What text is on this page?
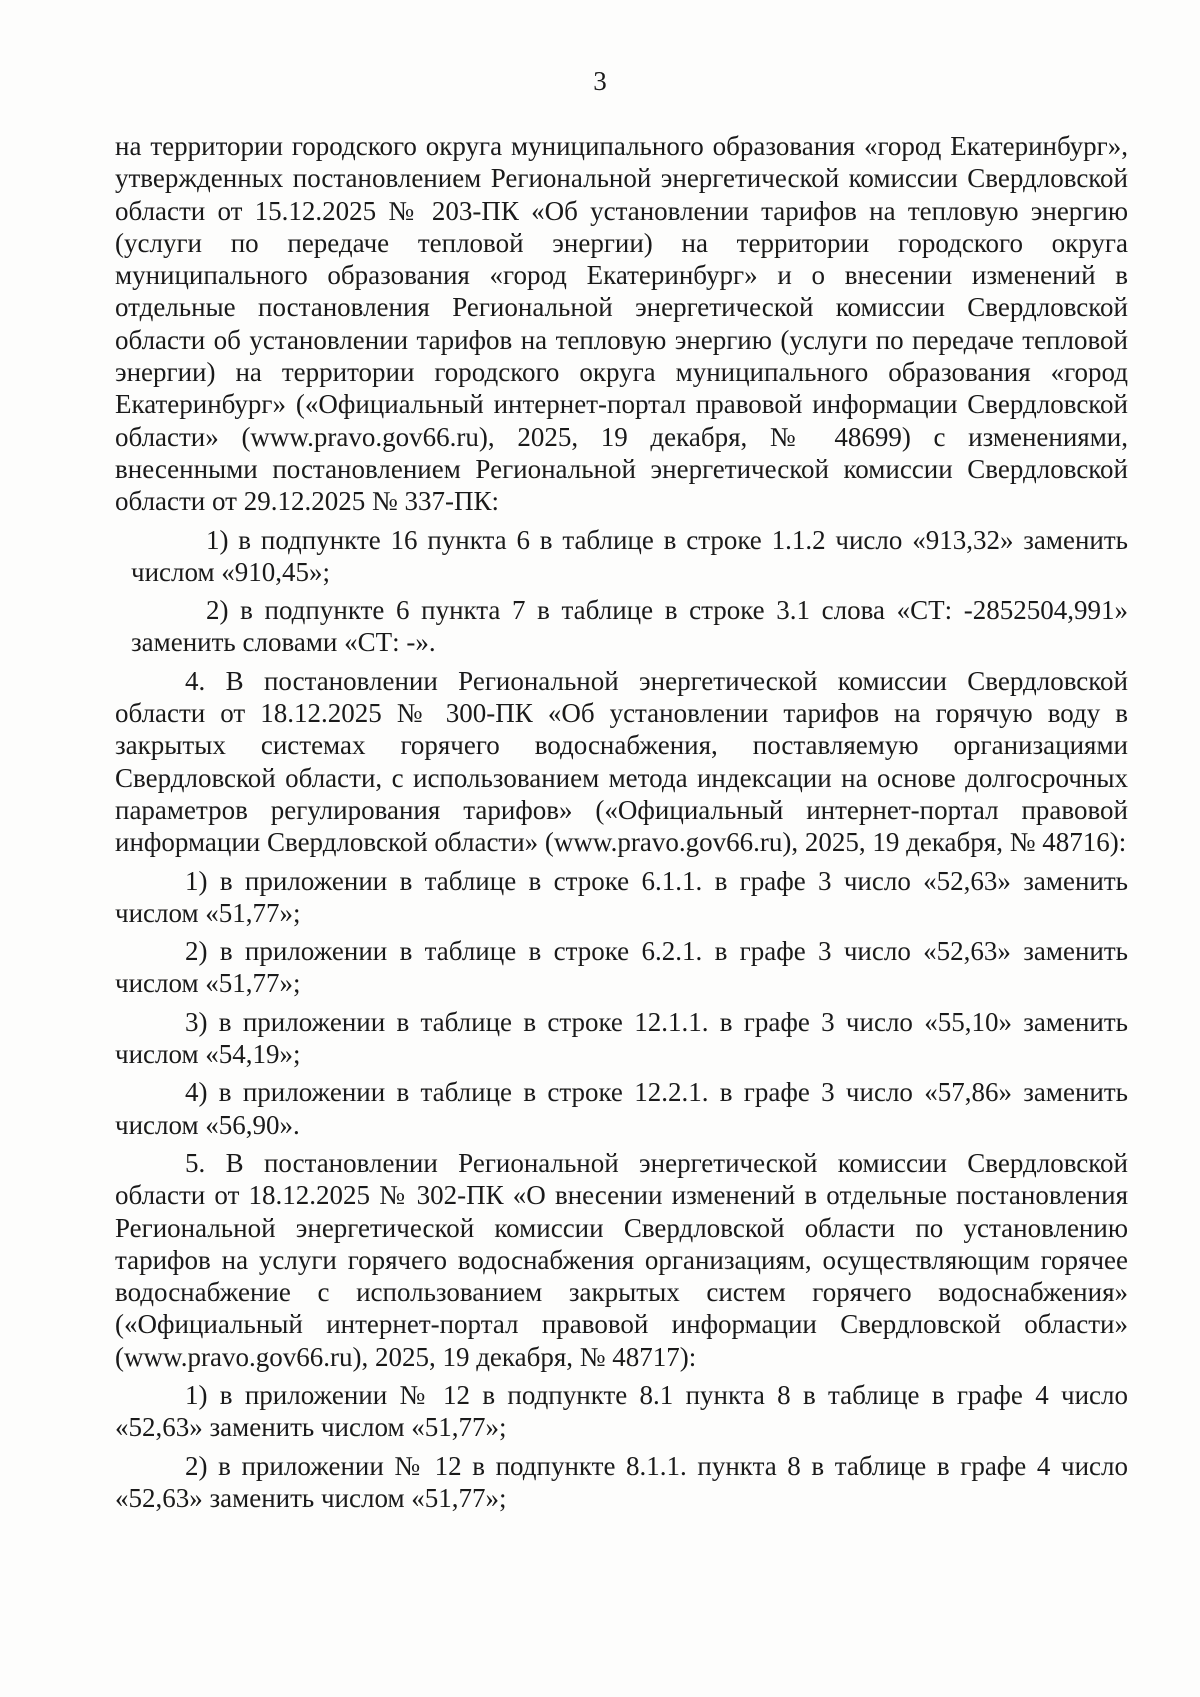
3

на территории городского округа муниципального образования «город Екатеринбург», утвержденных постановлением Региональной энергетической комиссии Свердловской области от 15.12.2025 № 203-ПК «Об установлении тарифов на тепловую энергию (услуги по передаче тепловой энергии) на территории городского округа муниципального образования «город Екатеринбург» и о внесении изменений в отдельные постановления Региональной энергетической комиссии Свердловской области об установлении тарифов на тепловую энергию (услуги по передаче тепловой энергии) на территории городского округа муниципального образования «город Екатеринбург» («Официальный интернет-портал правовой информации Свердловской области» (www.pravo.gov66.ru), 2025, 19 декабря, № 48699) с изменениями, внесенными постановлением Региональной энергетической комиссии Свердловской области от 29.12.2025 № 337-ПК:

1) в подпункте 16 пункта 6 в таблице в строке 1.1.2 число «913,32» заменить числом «910,45»;

2) в подпункте 6 пункта 7 в таблице в строке 3.1 слова «СТ: -2852504,991» заменить словами «СТ: -».

4. В постановлении Региональной энергетической комиссии Свердловской области от 18.12.2025 № 300-ПК «Об установлении тарифов на горячую воду в закрытых системах горячего водоснабжения, поставляемую организациями Свердловской области, с использованием метода индексации на основе долгосрочных параметров регулирования тарифов» («Официальный интернет-портал правовой информации Свердловской области» (www.pravo.gov66.ru), 2025, 19 декабря, № 48716):

1) в приложении в таблице в строке 6.1.1. в графе 3 число «52,63» заменить числом «51,77»;

2) в приложении в таблице в строке 6.2.1. в графе 3 число «52,63» заменить числом «51,77»;

3) в приложении в таблице в строке 12.1.1. в графе 3 число «55,10» заменить числом «54,19»;

4) в приложении в таблице в строке 12.2.1. в графе 3 число «57,86» заменить числом «56,90».

5. В постановлении Региональной энергетической комиссии Свердловской области от 18.12.2025 № 302-ПК «О внесении изменений в отдельные постановления Региональной энергетической комиссии Свердловской области по установлению тарифов на услуги горячего водоснабжения организациям, осуществляющим горячее водоснабжение с использованием закрытых систем горячего водоснабжения» («Официальный интернет-портал правовой информации Свердловской области» (www.pravo.gov66.ru), 2025, 19 декабря, № 48717):

1) в приложении № 12 в подпункте 8.1 пункта 8 в таблице в графе 4 число «52,63» заменить числом «51,77»;

2) в приложении № 12 в подпункте 8.1.1. пункта 8 в таблице в графе 4 число «52,63» заменить числом «51,77»;
